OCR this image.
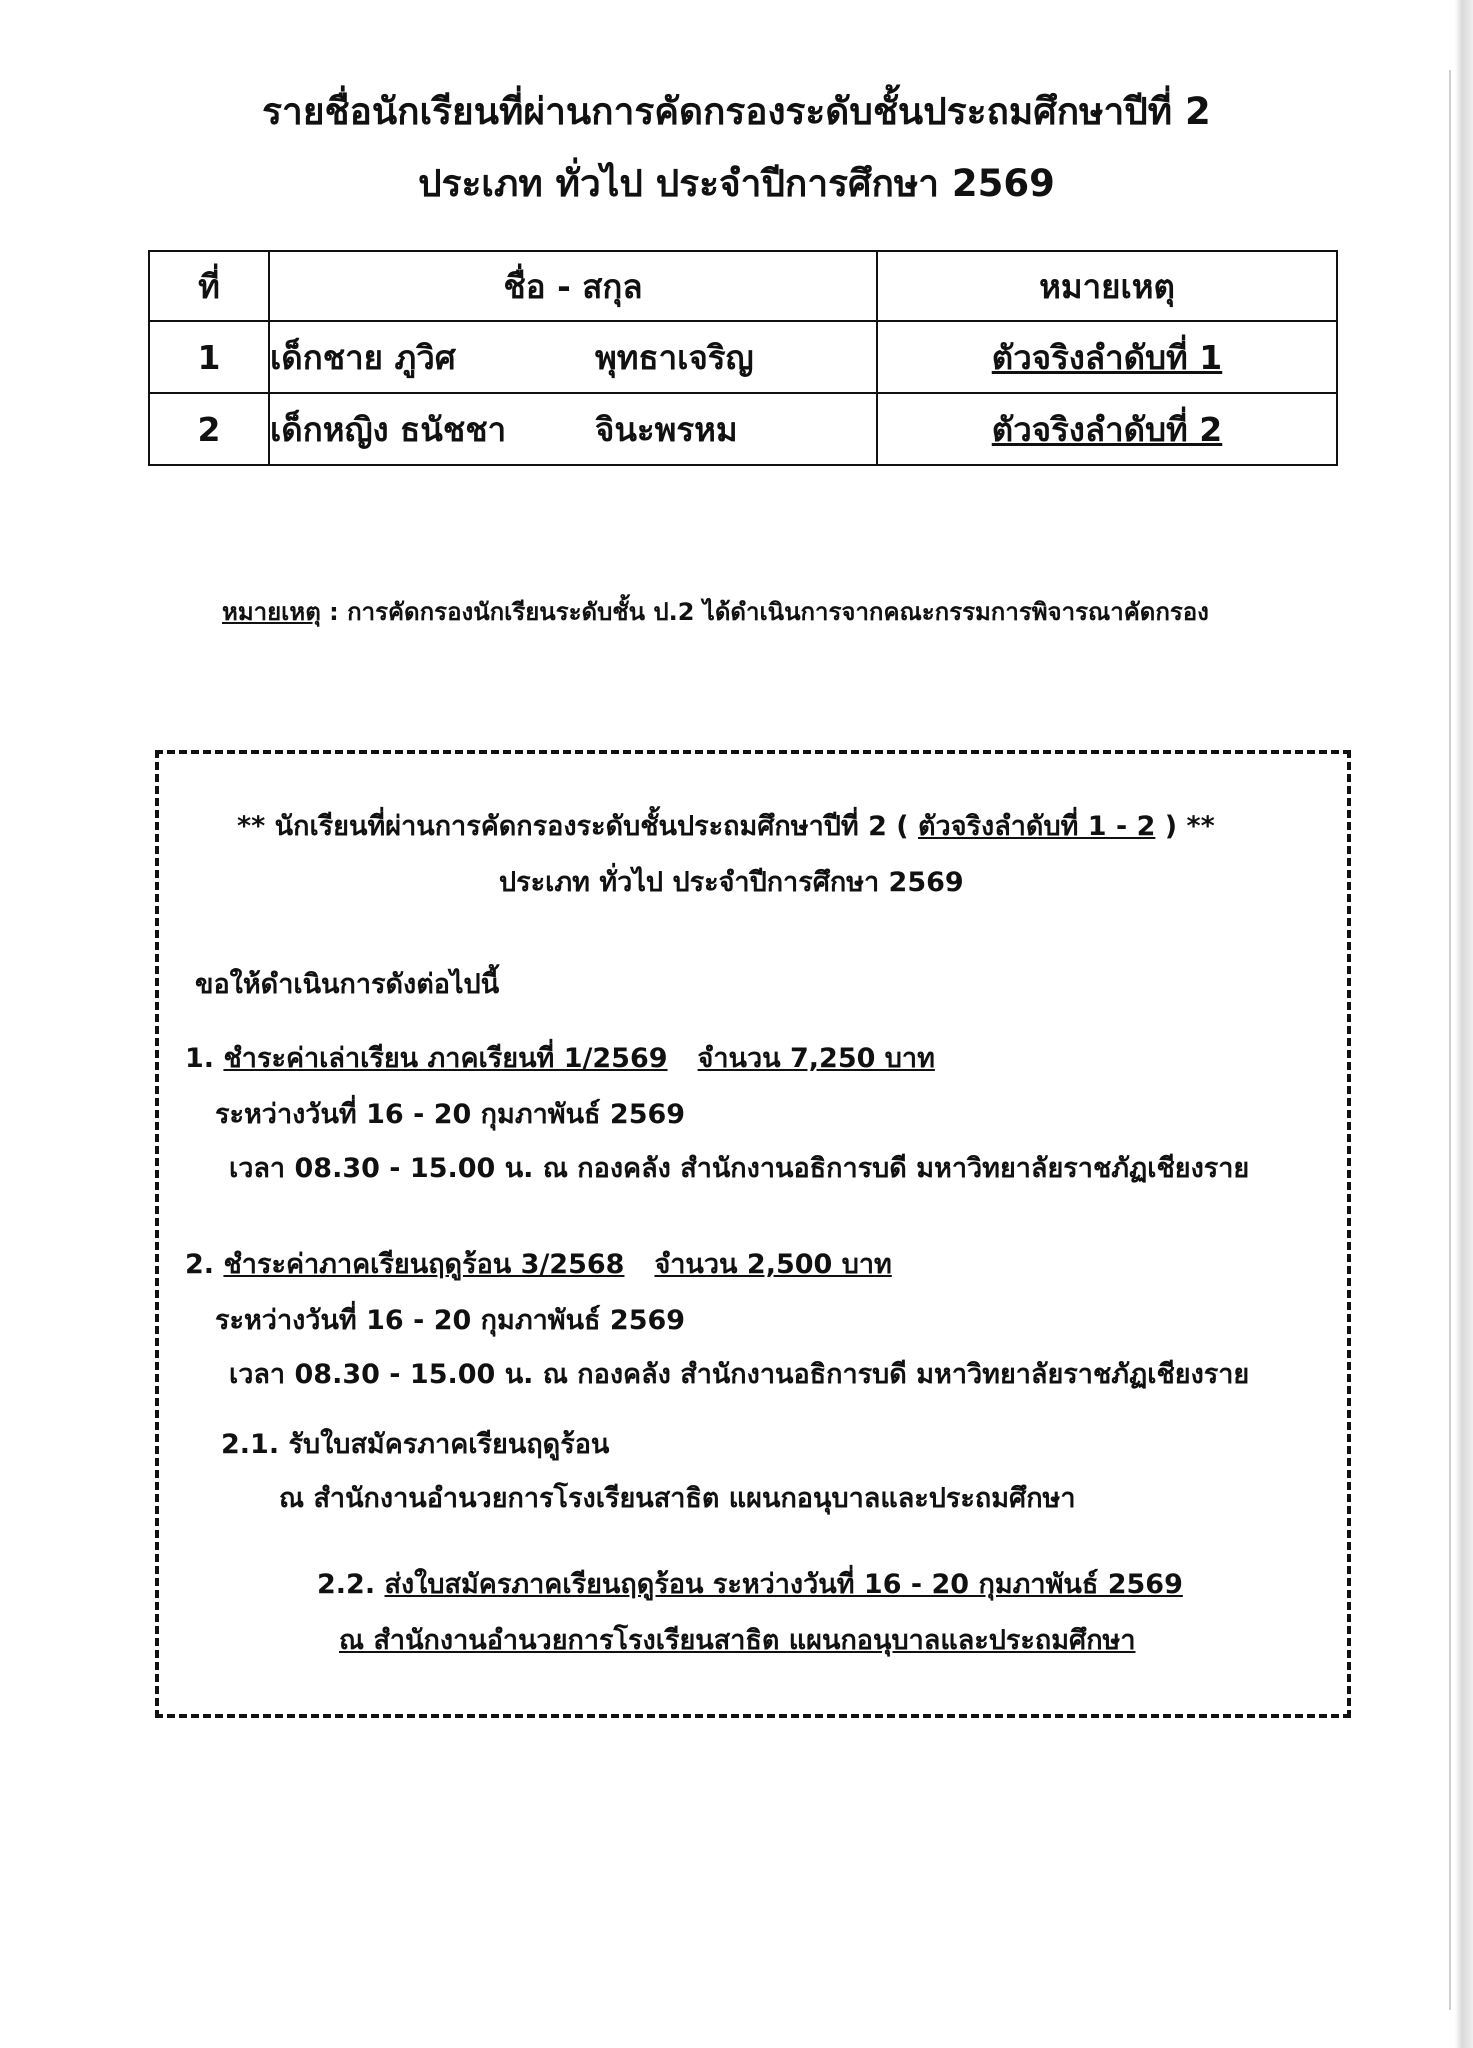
รายชื่อนักเรียนที่ผ่านการคัดกรองระดับชั้นประถมศึกษาปีที่ 2
ประเภท ทั่วไป ประจำปีการศึกษา 2569
ที่	ชื่อ - สกุล	หมายเหตุ
1	เด็กชาย ภูวิศ พุทธาเจริญ	ตัวจริงลำดับที่ 1
2	เด็กหญิง ธนัชชา จินะพรหม	ตัวจริงลำดับที่ 2
หมายเหตุ : การคัดกรองนักเรียนระดับชั้น ป.2 ได้ดำเนินการจากคณะกรรมการพิจารณาคัดกรอง
** นักเรียนที่ผ่านการคัดกรองระดับชั้นประถมศึกษาปีที่ 2 ( ตัวจริงลำดับที่ 1 - 2 ) **
ประเภท ทั่วไป ประจำปีการศึกษา 2569
ขอให้ดำเนินการดังต่อไปนี้
1. ชำระค่าเล่าเรียน ภาคเรียนที่ 1/2569 จำนวน 7,250 บาท
ระหว่างวันที่ 16 - 20 กุมภาพันธ์ 2569
เวลา 08.30 - 15.00 น. ณ กองคลัง สำนักงานอธิการบดี มหาวิทยาลัยราชภัฏเชียงราย
2. ชำระค่าภาคเรียนฤดูร้อน 3/2568 จำนวน 2,500 บาท
ระหว่างวันที่ 16 - 20 กุมภาพันธ์ 2569
เวลา 08.30 - 15.00 น. ณ กองคลัง สำนักงานอธิการบดี มหาวิทยาลัยราชภัฏเชียงราย
2.1. รับใบสมัครภาคเรียนฤดูร้อน
ณ สำนักงานอำนวยการโรงเรียนสาธิต แผนกอนุบาลและประถมศึกษา
2.2. ส่งใบสมัครภาคเรียนฤดูร้อน ระหว่างวันที่ 16 - 20 กุมภาพันธ์ 2569
ณ สำนักงานอำนวยการโรงเรียนสาธิต แผนกอนุบาลและประถมศึกษา
